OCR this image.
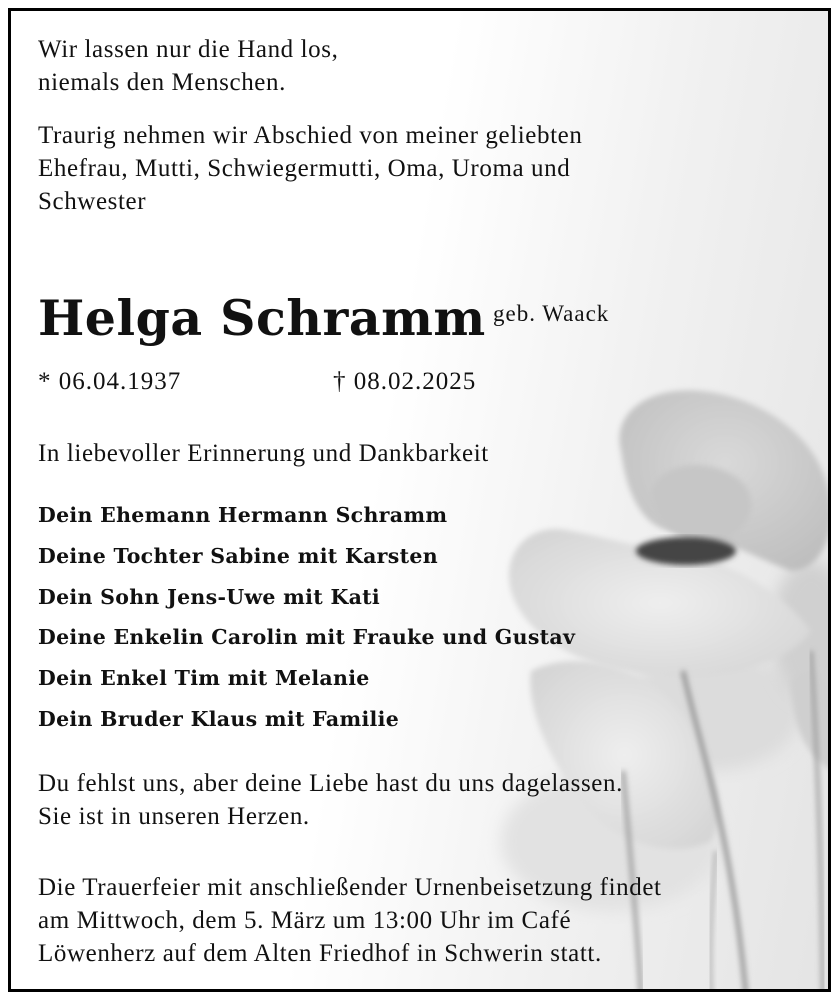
Wir lassen nur die Hand los,
niemals den Menschen.

Traurig nehmen wir Abschied von meiner geliebten
Ehefrau, Mutti, Schwiegermutti, Oma, Uroma und
Schwester

Helga Schramm geb. Waack
* 06.04.1937	† 08.02.2025

In liebevoller Erinnerung und Dankbarkeit

Dein Ehemann Hermann Schramm
Deine Tochter Sabine mit Karsten
Dein Sohn Jens-Uwe mit Kati
Deine Enkelin Carolin mit Frauke und Gustav
Dein Enkel Tim mit Melanie
Dein Bruder Klaus mit Familie

Du fehlst uns, aber deine Liebe hast du uns dagelassen.
Sie ist in unseren Herzen.

Die Trauerfeier mit anschließender Urnenbeisetzung findet
am Mittwoch, dem 5. März um 13:00 Uhr im Café
Löwenherz auf dem Alten Friedhof in Schwerin statt.
